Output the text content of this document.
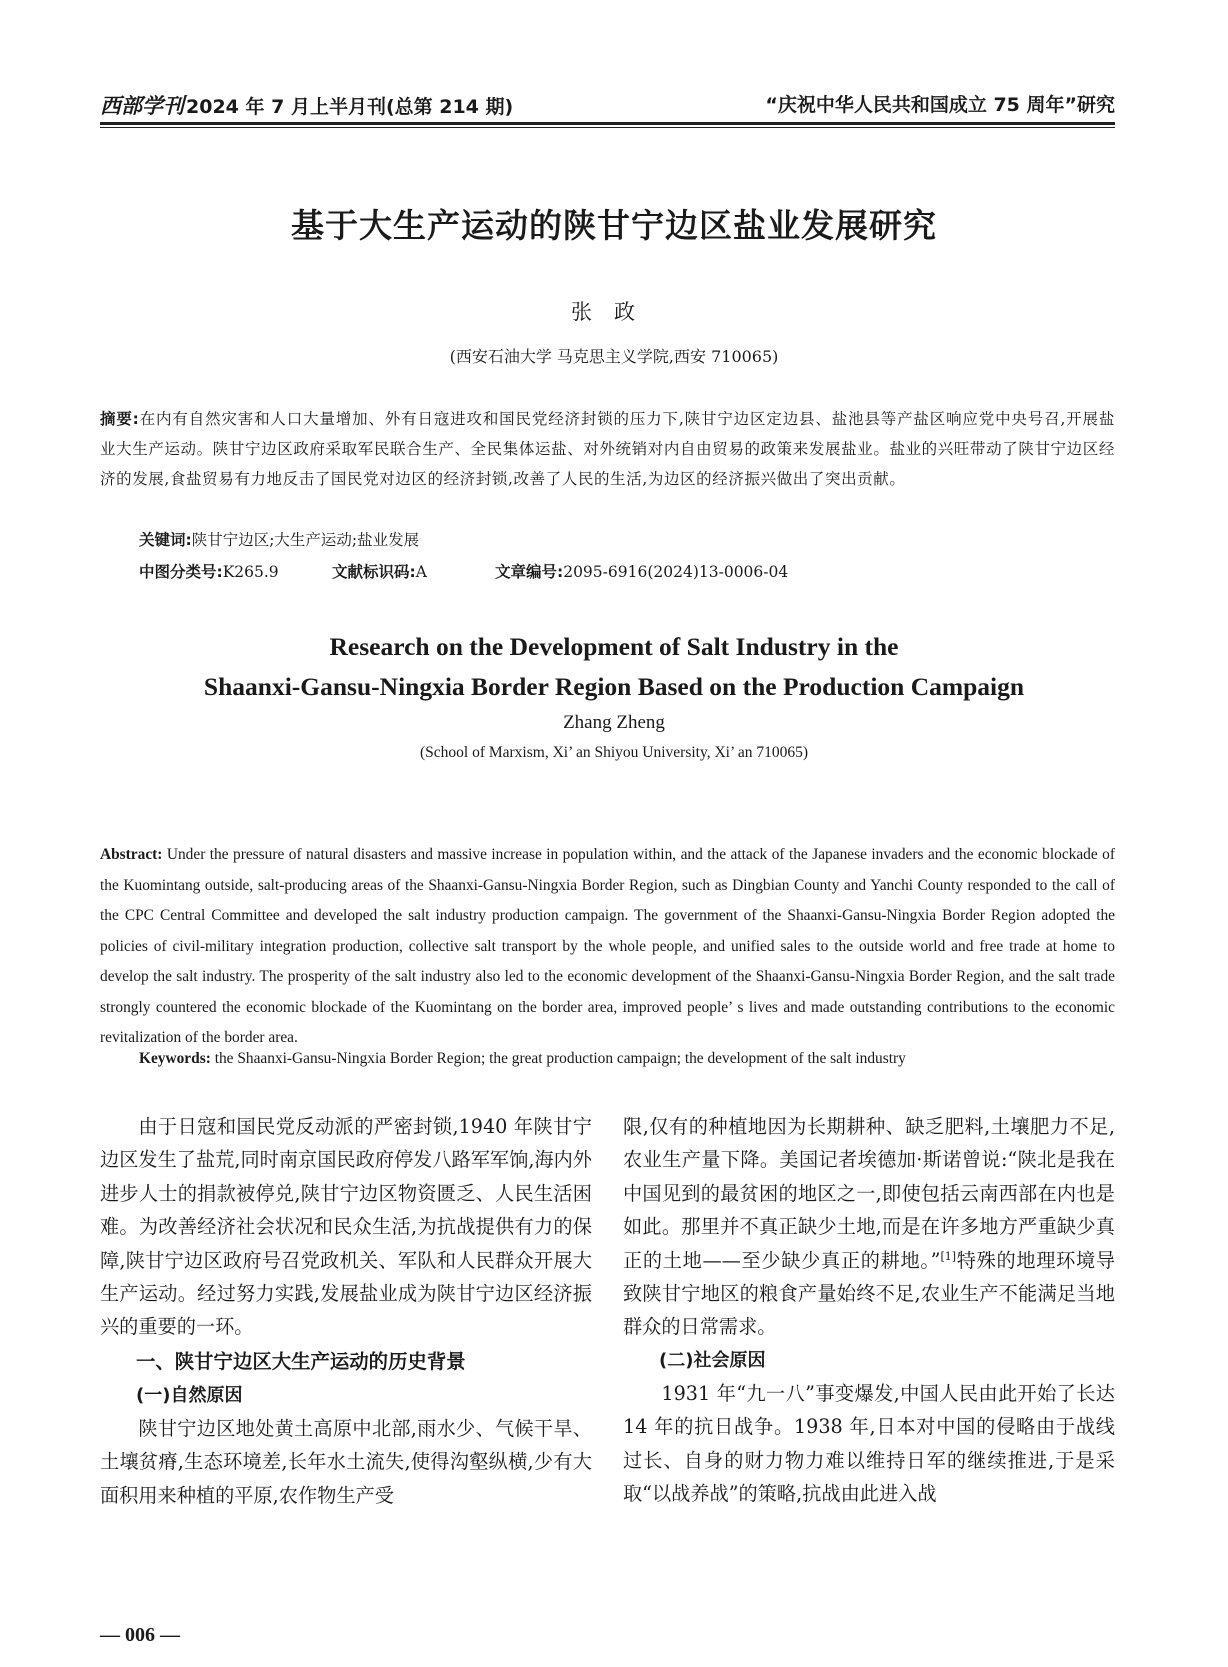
西部学刊 2024 年 7 月上半月刊(总第 214 期)	“庆祝中华人民共和国成立 75 周年”研究
基于大生产运动的陕甘宁边区盐业发展研究
张政
(西安石油大学 马克思主义学院,西安 710065)
摘要:在内有自然灾害和人口大量增加、外有日寇进攻和国民党经济封锁的压力下,陕甘宁边区定边县、盐池县等产盐区响应党中央号召,开展盐业大生产运动。陕甘宁边区政府采取军民联合生产、全民集体运盐、对外统销对内自由贸易的政策来发展盐业。盐业的兴旺带动了陕甘宁边区经济的发展,食盐贸易有力地反击了国民党对边区的经济封锁,改善了人民的生活,为边区的经济振兴做出了突出贡献。
关键词:陕甘宁边区;大生产运动;盐业发展
中图分类号:K265.9	文献标识码:A	文章编号:2095-6916(2024)13-0006-04
Research on the Development of Salt Industry in the
Shaanxi-Gansu-Ningxia Border Region Based on the Production Campaign
Zhang Zheng
(School of Marxism, Xi’ an Shiyou University, Xi’ an 710065)
Abstract: Under the pressure of natural disasters and massive increase in population within, and the attack of the Japanese invaders and the economic blockade of the Kuomintang outside, salt-producing areas of the Shaanxi-Gansu-Ningxia Border Region, such as Dingbian County and Yanchi County responded to the call of the CPC Central Committee and developed the salt industry production campaign. The government of the Shaanxi-Gansu-Ningxia Border Region adopted the policies of civil-military integration production, collective salt transport by the whole people, and unified sales to the outside world and free trade at home to develop the salt industry. The prosperity of the salt industry also led to the economic development of the Shaanxi-Gansu-Ningxia Border Region, and the salt trade strongly countered the economic blockade of the Kuomintang on the border area, improved people’ s lives and made outstanding contributions to the economic revitalization of the border area.
Keywords: the Shaanxi-Gansu-Ningxia Border Region; the great production campaign; the development of the salt industry

由于日寇和国民党反动派的严密封锁,1940 年陕甘宁边区发生了盐荒,同时南京国民政府停发八路军军饷,海内外进步人士的捐款被停兑,陕甘宁边区物资匮乏、人民生活困难。为改善经济社会状况和民众生活,为抗战提供有力的保障,陕甘宁边区政府号召党政机关、军队和人民群众开展大生产运动。经过努力实践,发展盐业成为陕甘宁边区经济振兴的重要的一环。

一、陕甘宁边区大生产运动的历史背景
(一)自然原因

陕甘宁边区地处黄土高原中北部,雨水少、气候干旱、土壤贫瘠,生态环境差,长年水土流失,使得沟壑纵横,少有大面积用来种植的平原,农作物生产受

限,仅有的种植地因为长期耕种、缺乏肥料,土壤肥力不足,农业生产量下降。美国记者埃德加·斯诺曾说:“陕北是我在中国见到的最贫困的地区之一,即使包括云南西部在内也是如此。那里并不真正缺少土地,而是在许多地方严重缺少真正的土地——至少缺少真正的耕地。”[1]特殊的地理环境导致陕甘宁地区的粮食产量始终不足,农业生产不能满足当地群众的日常需求。

(二)社会原因

1931 年“九一八”事变爆发,中国人民由此开始了长达 14 年的抗日战争。1938 年,日本对中国的侵略由于战线过长、自身的财力物力难以维持日军的继续推进,于是采取“以战养战”的策略,抗战由此进入战

— 006 —
